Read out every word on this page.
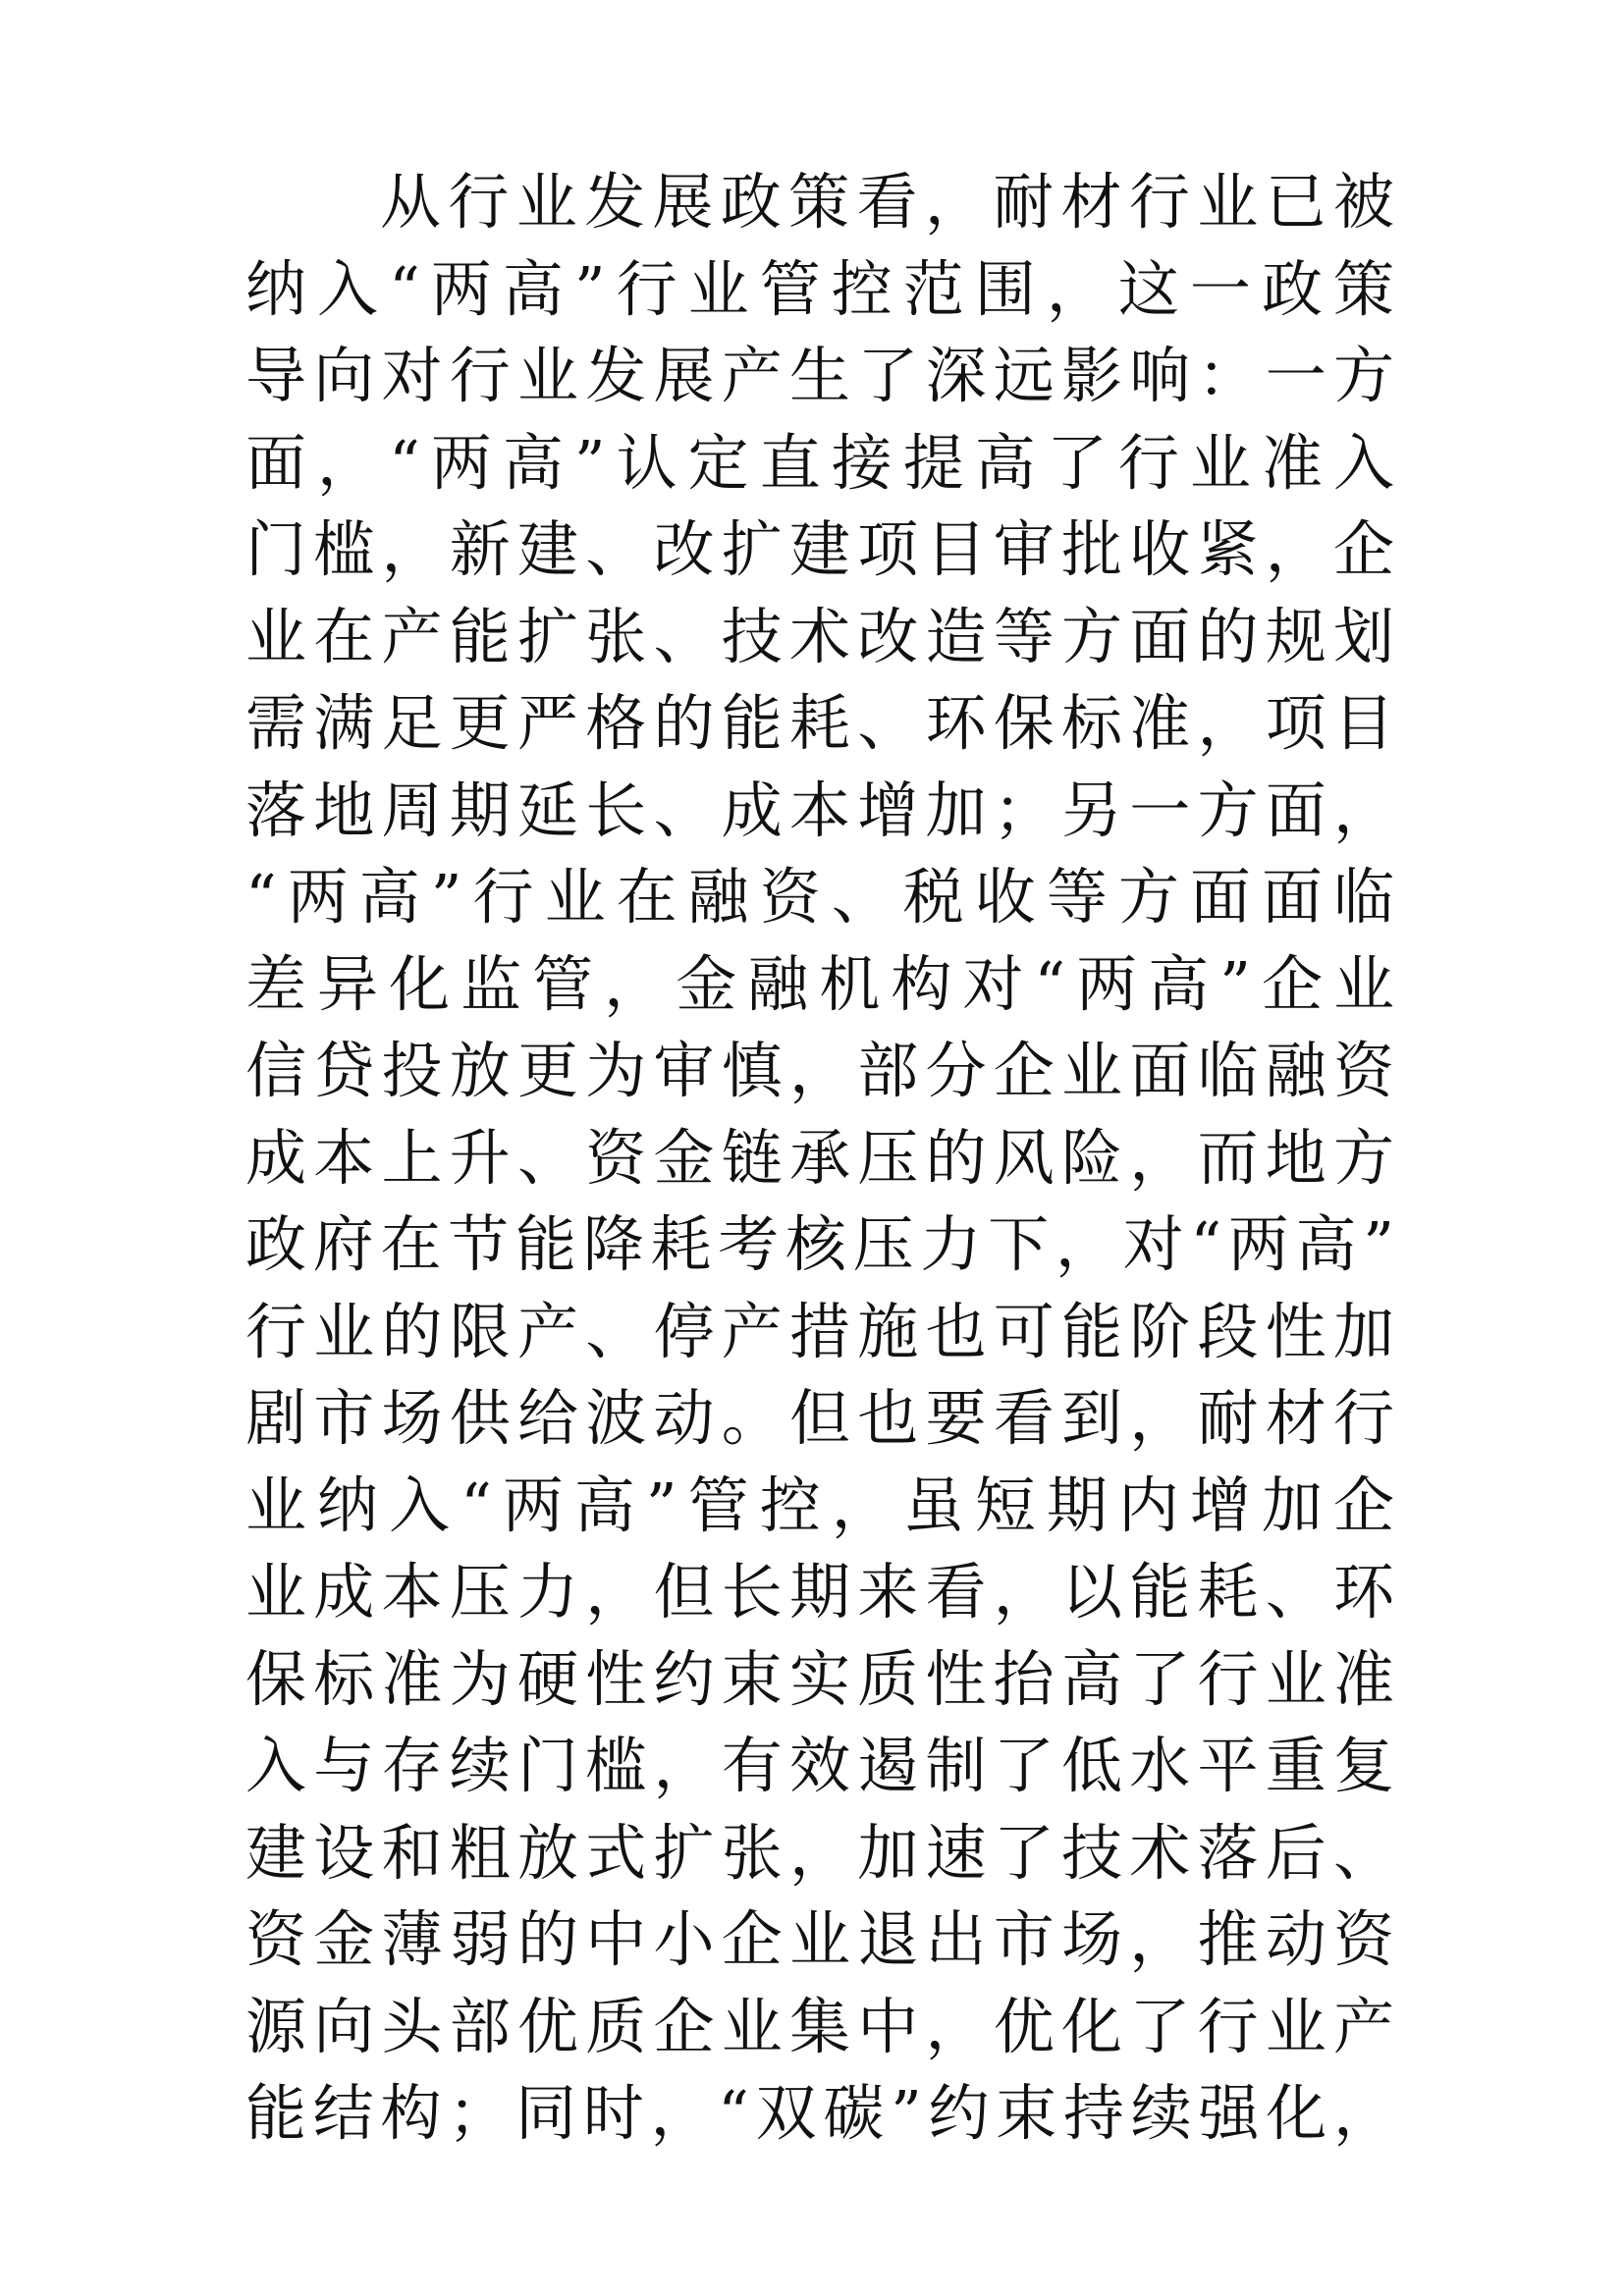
从行业发展政策看，耐材行业已被
纳入“两高”行业管控范围，这一政策
导向对行业发展产生了深远影响：一方
面，“两高”认定直接提高了行业准入
门槛，新建、改扩建项目审批收紧，企
业在产能扩张、技术改造等方面的规划
需满足更严格的能耗、环保标准，项目
落地周期延长、成本增加；另一方面，
“两高”行业在融资、税收等方面面临
差异化监管，金融机构对“两高”企业
信贷投放更为审慎，部分企业面临融资
成本上升、资金链承压的风险，而地方
政府在节能降耗考核压力下，对“两高”
行业的限产、停产措施也可能阶段性加
剧市场供给波动。但也要看到，耐材行
业纳入“两高”管控，虽短期内增加企
业成本压力，但长期来看，以能耗、环
保标准为硬性约束实质性抬高了行业准
入与存续门槛，有效遏制了低水平重复
建设和粗放式扩张，加速了技术落后、
资金薄弱的中小企业退出市场，推动资
源向头部优质企业集中，优化了行业产
能结构；同时，“双碳”约束持续强化，
